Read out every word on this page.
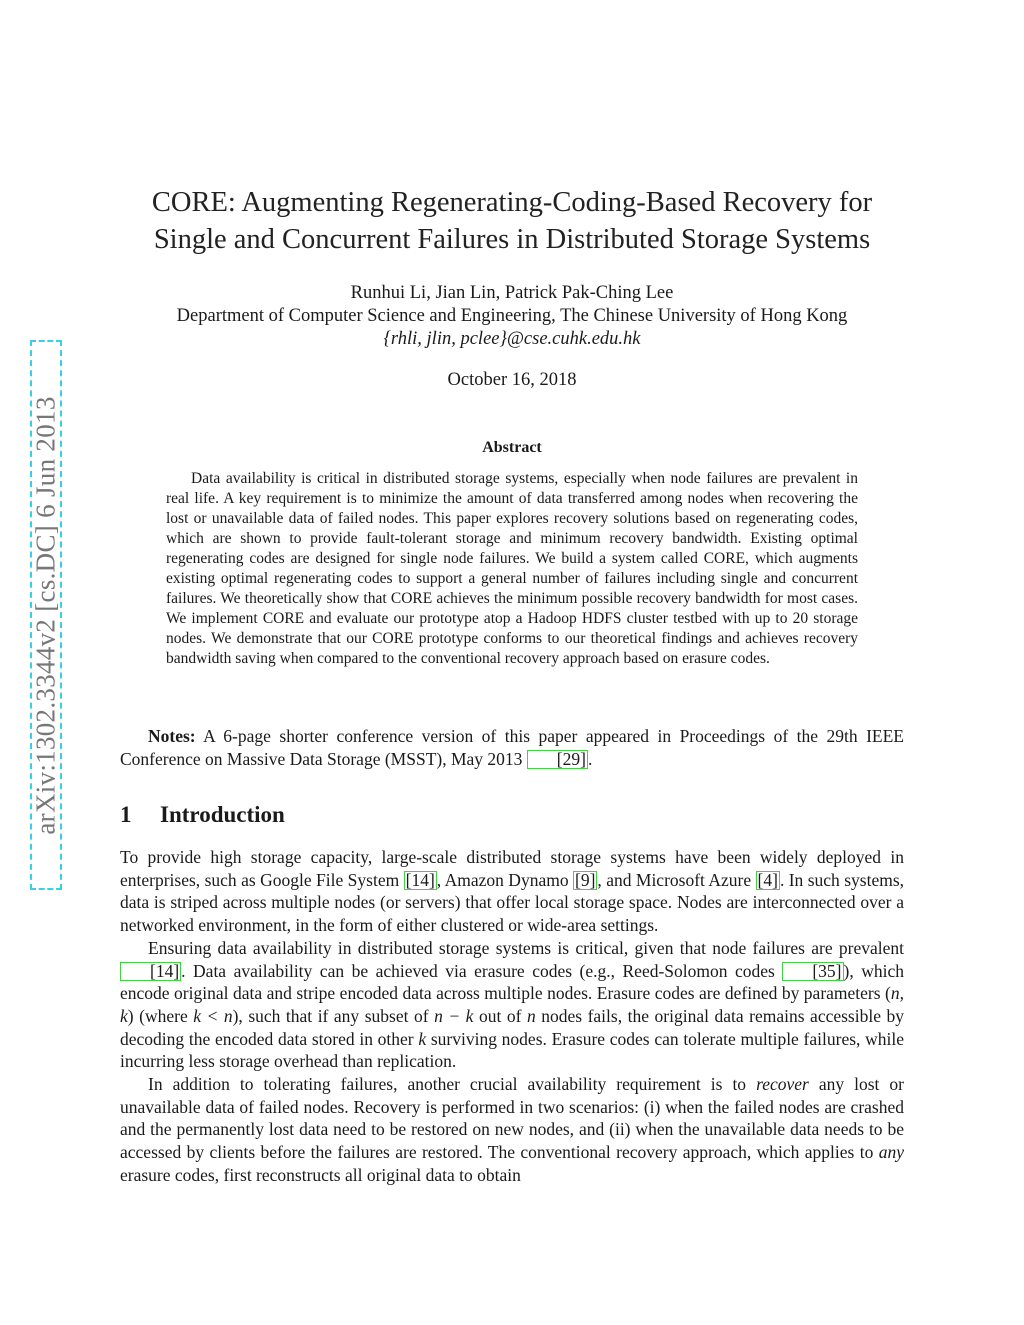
arXiv:1302.3344v2 [cs.DC] 6 Jun 2013
CORE: Augmenting Regenerating-Coding-Based Recovery for
Single and Concurrent Failures in Distributed Storage Systems
Runhui Li, Jian Lin, Patrick Pak-Ching Lee
Department of Computer Science and Engineering, The Chinese University of Hong Kong
{rhli, jlin, pclee}@cse.cuhk.edu.hk
October 16, 2018
Abstract

Data availability is critical in distributed storage systems, especially when node failures are prevalent in real life. A key requirement is to minimize the amount of data transferred among nodes when recovering the lost or unavailable data of failed nodes. This paper explores recovery solutions based on regenerating codes, which are shown to provide fault-tolerant storage and minimum recovery bandwidth. Existing optimal regenerating codes are designed for single node failures. We build a system called CORE, which augments existing optimal regenerating codes to support a general number of failures including single and concurrent failures. We theoretically show that CORE achieves the minimum possible recovery bandwidth for most cases. We implement CORE and evaluate our prototype atop a Hadoop HDFS cluster testbed with up to 20 storage nodes. We demonstrate that our CORE prototype conforms to our theoretical findings and achieves recovery bandwidth saving when compared to the conventional recovery approach based on erasure codes.

Notes: A 6-page shorter conference version of this paper appeared in Proceedings of the 29th IEEE Conference on Massive Data Storage (MSST), May 2013 [29] .

1 Introduction

To provide high storage capacity, large-scale distributed storage systems have been widely deployed in enterprises, such as Google File System [14] , Amazon Dynamo [9] , and Microsoft Azure [4] . In such systems, data is striped across multiple nodes (or servers) that offer local storage space. Nodes are interconnected over a networked environment, in the form of either clustered or wide-area settings.

Ensuring data availability in distributed storage systems is critical, given that node failures are prevalent [14] . Data availability can be achieved via erasure codes (e.g., Reed-Solomon codes [35] ), which encode original data and stripe encoded data across multiple nodes. Erasure codes are defined by parameters (n, k) (where k < n), such that if any subset of n − k out of n nodes fails, the original data remains accessible by decoding the encoded data stored in other k surviving nodes. Erasure codes can tolerate multiple failures, while incurring less storage overhead than replication.

In addition to tolerating failures, another crucial availability requirement is to recover any lost or unavailable data of failed nodes. Recovery is performed in two scenarios: (i) when the failed nodes are crashed and the permanently lost data need to be restored on new nodes, and (ii) when the unavailable data needs to be accessed by clients before the failures are restored. The conventional recovery approach, which applies to any erasure codes, first reconstructs all original data to obtain
